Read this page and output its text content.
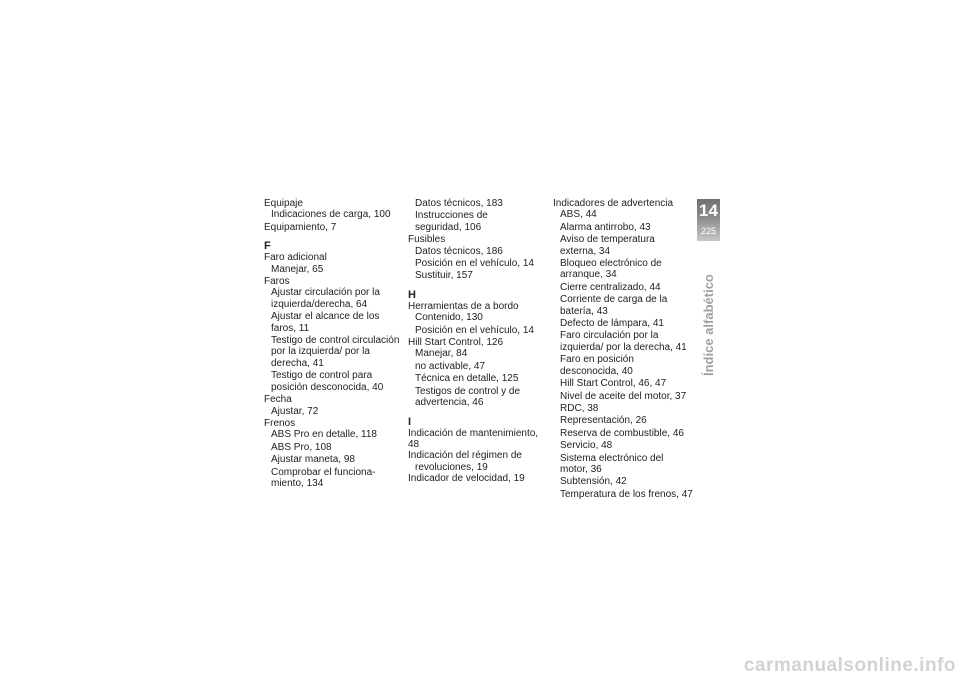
Equipaje
Indicaciones de carga, 100
Equipamiento, 7
F
Faro adicional
Manejar, 65
Faros
Ajustar circulación por la
izquierda/derecha, 64
Ajustar el alcance de los
faros, 11
Testigo de control circulación
por la izquierda/ por la
derecha, 41
Testigo de control para
posición desconocida, 40
Fecha
Ajustar, 72
Frenos
ABS Pro en detalle, 118
ABS Pro, 108
Ajustar maneta, 98
Comprobar el funciona-
miento, 134
Datos técnicos, 183
Instrucciones de
seguridad, 106
Fusibles
Datos técnicos, 186
Posición en el vehículo, 14
Sustituir, 157
H
Herramientas de a bordo
Contenido, 130
Posición en el vehículo, 14
Hill Start Control, 126
Manejar, 84
no activable, 47
Técnica en detalle, 125
Testigos de control y de
advertencia, 46
I
Indicación de mantenimiento, 48
Indicación del régimen de
revoluciones, 19
Indicador de velocidad, 19
Indicadores de advertencia
ABS, 44
Alarma antirrobo, 43
Aviso de temperatura
externa, 34
Bloqueo electrónico de
arranque, 34
Cierre centralizado, 44
Corriente de carga de la
batería, 43
Defecto de lámpara, 41
Faro circulación por la
izquierda/ por la derecha, 41
Faro en posición
desconocida, 40
Hill Start Control, 46, 47
Nivel de aceite del motor, 37
RDC, 38
Representación, 26
Reserva de combustible, 46
Servicio, 48
Sistema electrónico del
motor, 36
Subtensión, 42
Temperatura de los frenos, 47
14
225
Índice alfabético
carmanualsonline.info
